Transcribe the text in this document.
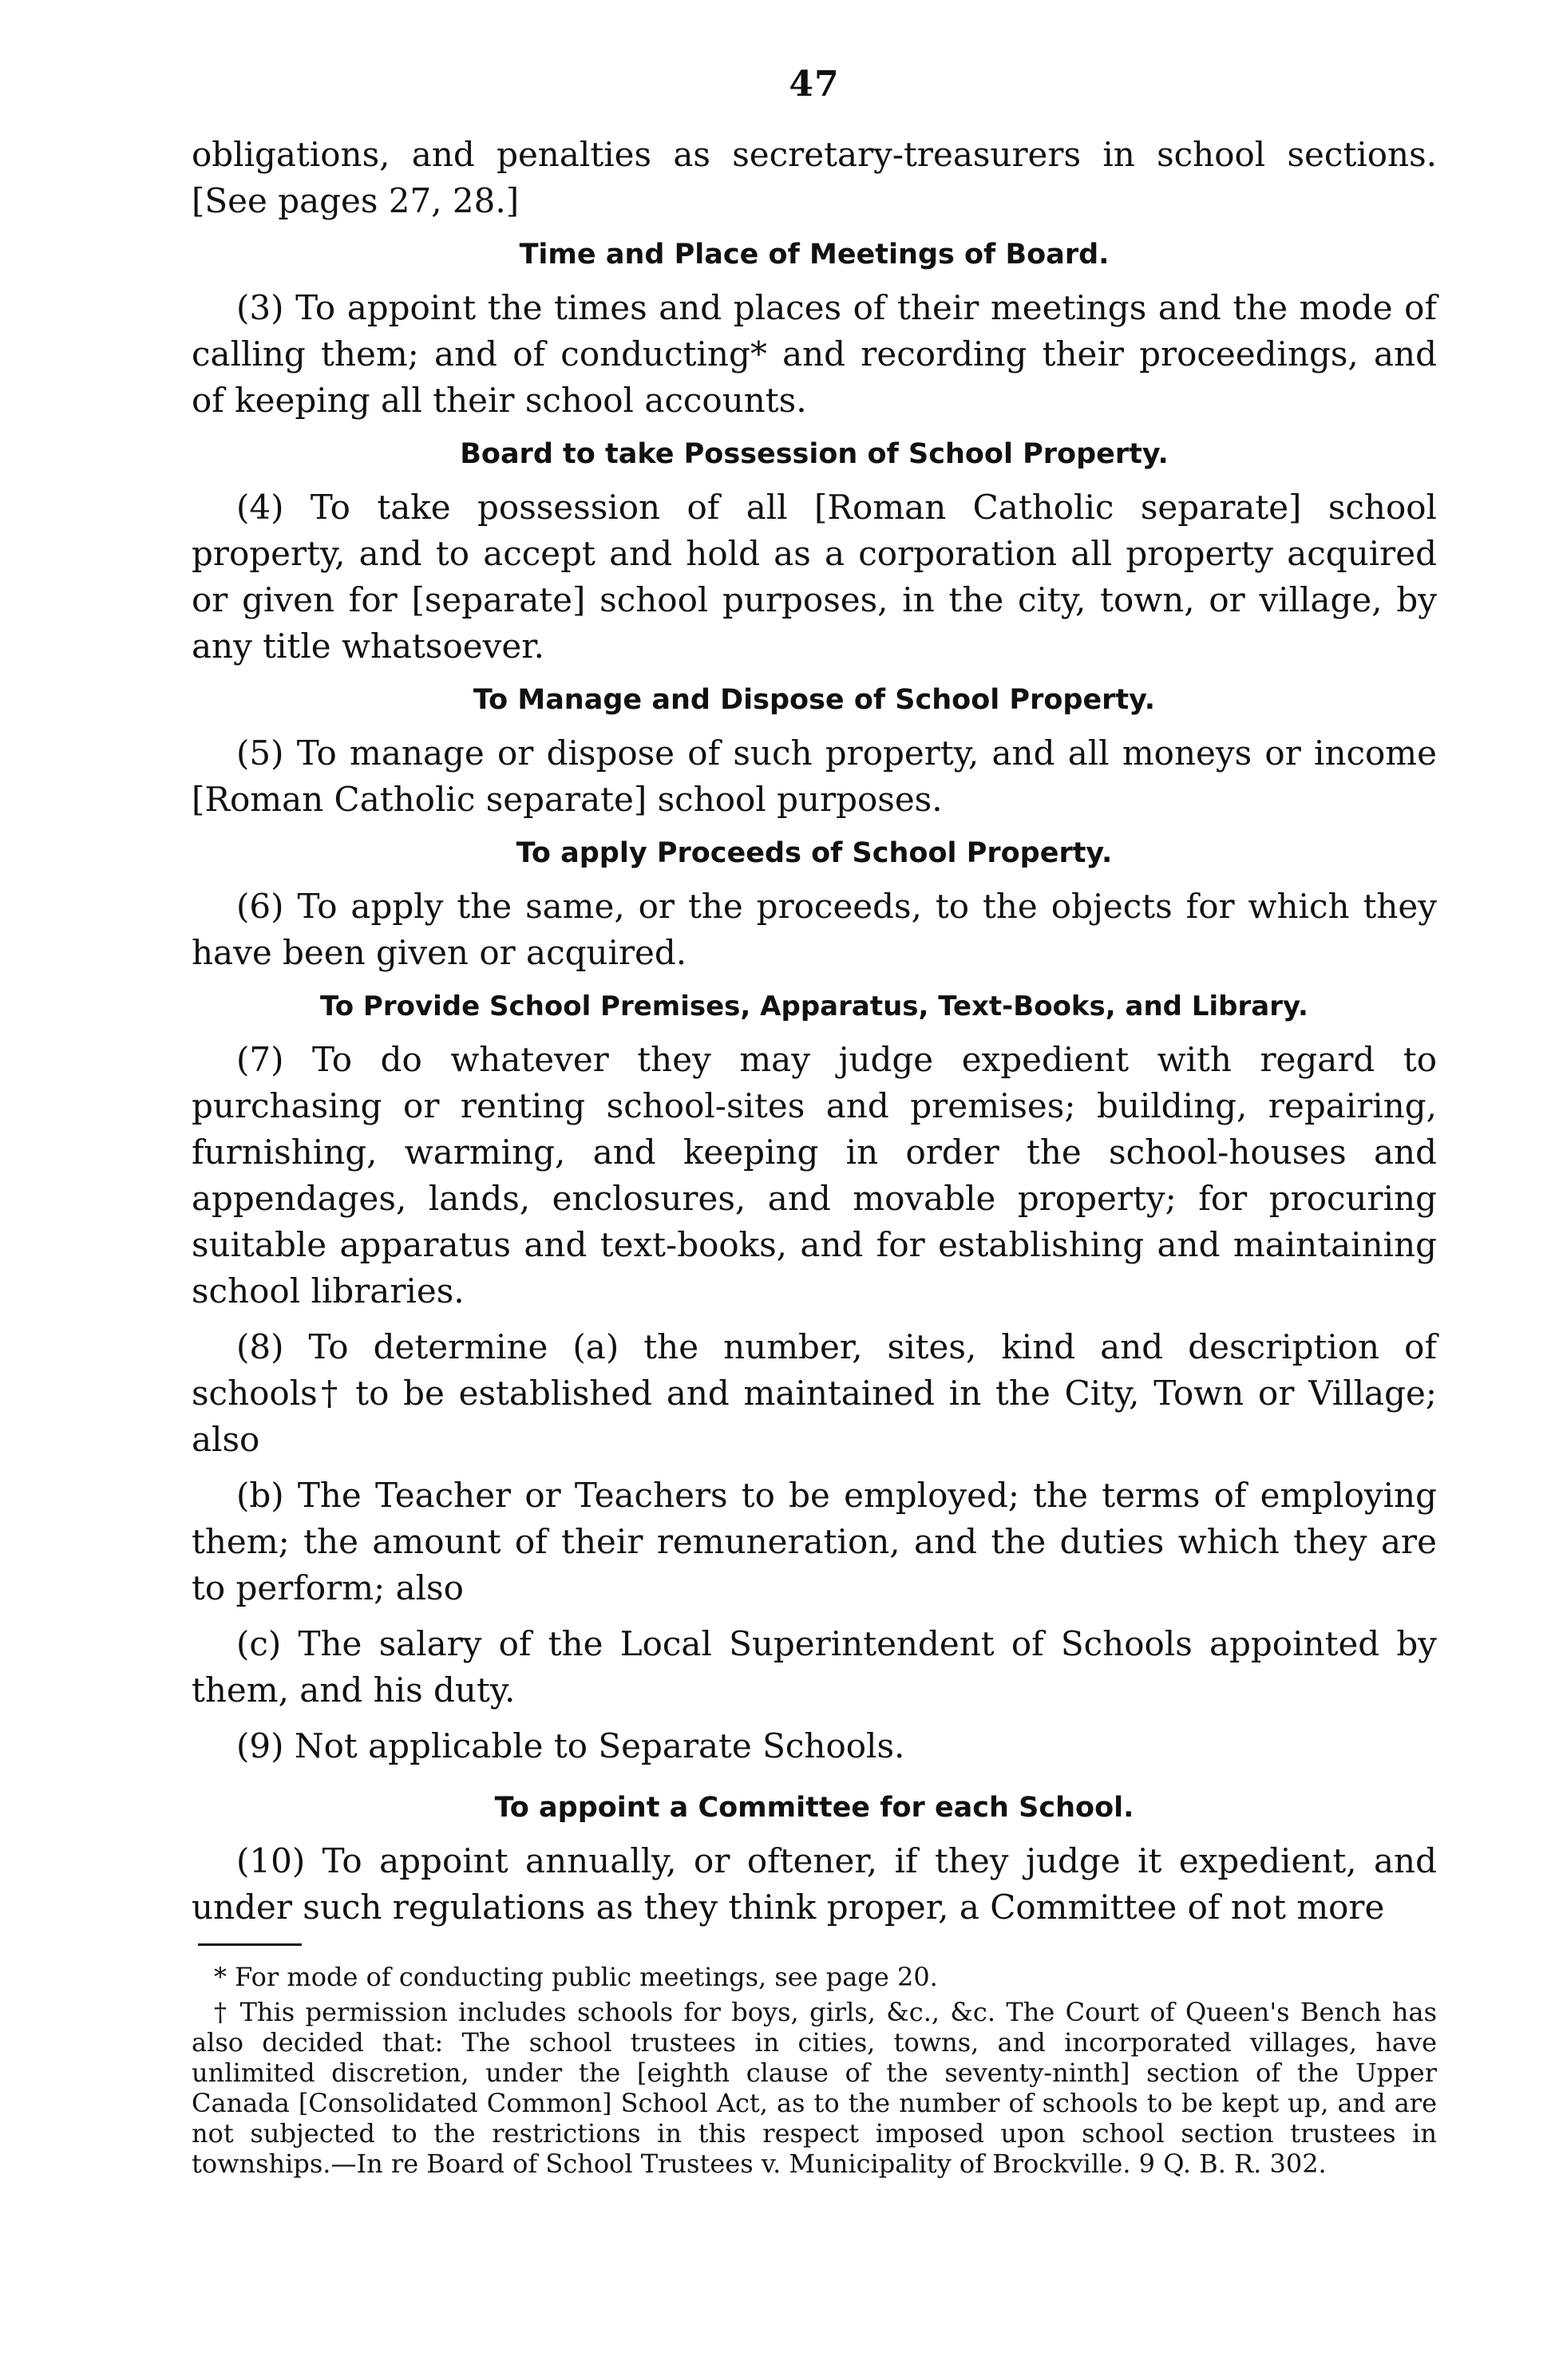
47

obligations, and penalties as secretary-treasurers in school sections. [See pages 27, 28.]

Time and Place of Meetings of Board.

(3) To appoint the times and places of their meetings and the mode of calling them; and of conducting* and recording their proceedings, and of keeping all their school accounts.

Board to take Possession of School Property.

(4) To take possession of all [Roman Catholic separate] school property, and to accept and hold as a corporation all property acquired or given for [separate] school purposes, in the city, town, or village, by any title whatsoever.

To Manage and Dispose of School Property.

(5) To manage or dispose of such property, and all moneys or income [Roman Catholic separate] school purposes.

To apply Proceeds of School Property.

(6) To apply the same, or the proceeds, to the objects for which they have been given or acquired.

To Provide School Premises, Apparatus, Text-Books, and Library.

(7) To do whatever they may judge expedient with regard to purchasing or renting school-sites and premises; building, repairing, furnishing, warming, and keeping in order the school-houses and appendages, lands, enclosures, and movable property; for procuring suitable apparatus and text-books, and for establishing and maintaining school libraries.

(8) To determine (a) the number, sites, kind and description of schools† to be established and maintained in the City, Town or Village; also

(b) The Teacher or Teachers to be employed; the terms of employing them; the amount of their remuneration, and the duties which they are to perform; also

(c) The salary of the Local Superintendent of Schools appointed by them, and his duty.

(9) Not applicable to Separate Schools.

To appoint a Committee for each School.

(10) To appoint annually, or oftener, if they judge it expedient, and under such regulations as they think proper, a Committee of not more

* For mode of conducting public meetings, see page 20.

† This permission includes schools for boys, girls, &c., &c. The Court of Queen's Bench has also decided that: The school trustees in cities, towns, and incorporated villages, have unlimited discretion, under the [eighth clause of the seventy-ninth] section of the Upper Canada [Consolidated Common] School Act, as to the number of schools to be kept up, and are not subjected to the restrictions in this respect imposed upon school section trustees in townships.—In re Board of School Trustees v. Municipality of Brockville. 9 Q. B. R. 302.
